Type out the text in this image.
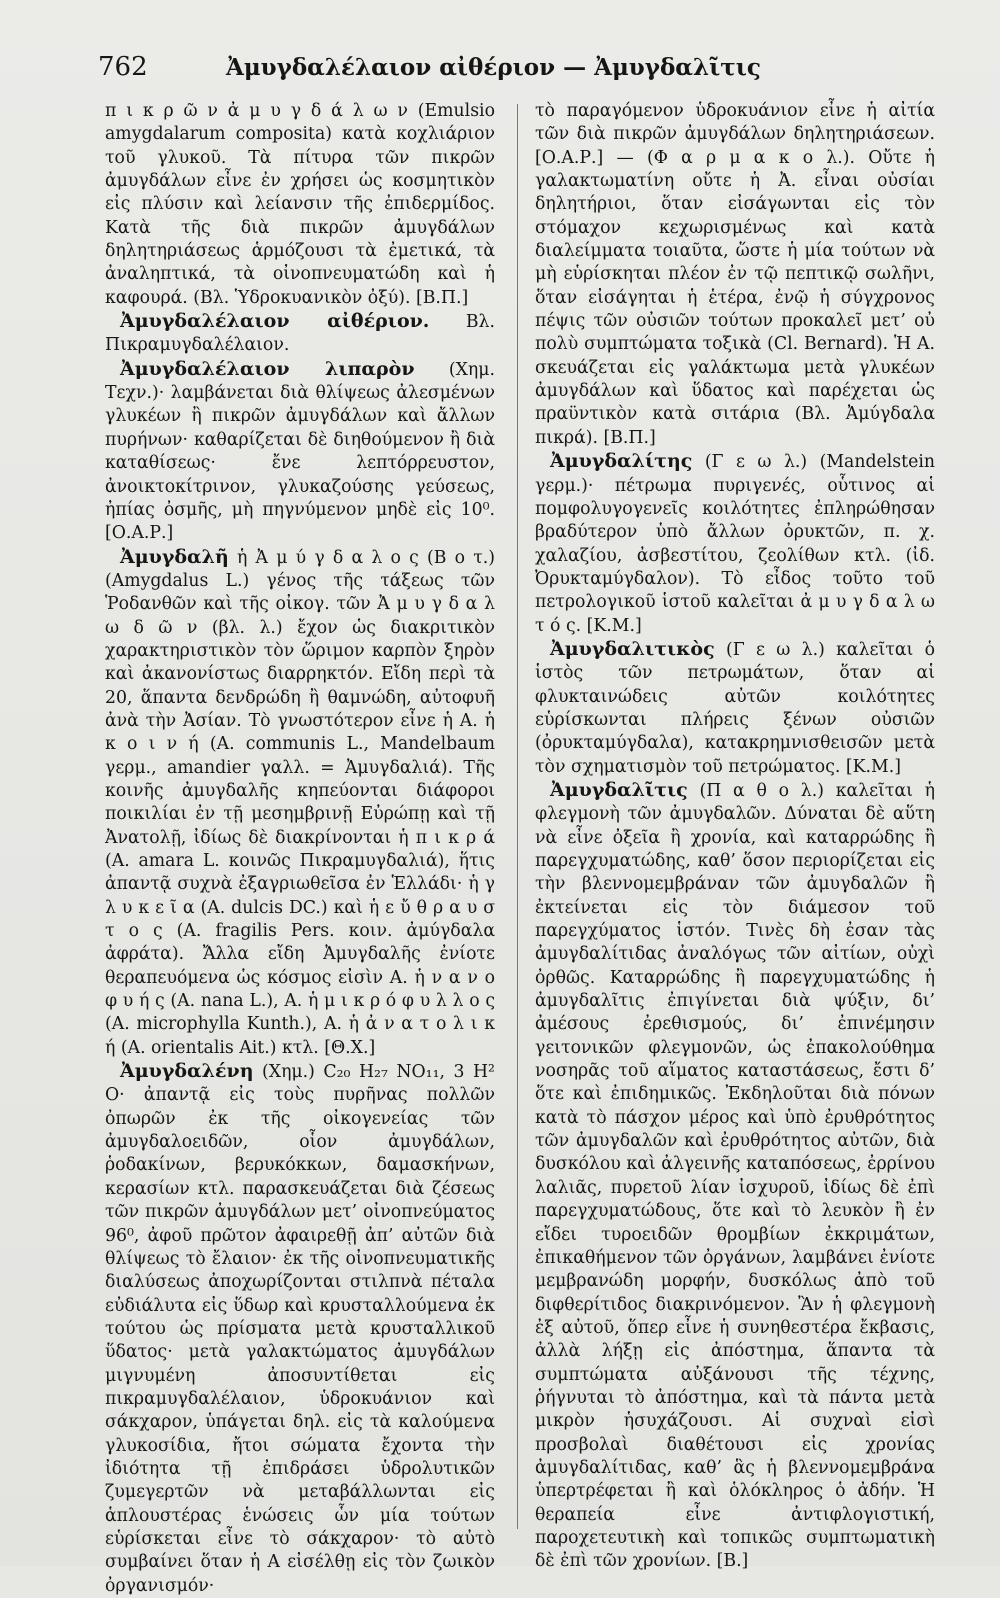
762	Ἀμυγδαλέλαιον αἰθέριον — Ἀμυγδαλῖτις

π ι κ ρ ῶ ν ἀ μ υ γ δ ά λ ω ν (Emulsio amygdalarum composita) κατὰ κοχλιάριον τοῦ γλυκοῦ. Τὰ πίτυρα τῶν πικρῶν ἀμυγδάλων εἶνε ἐν χρήσει ὡς κοσμητικὸν εἰς πλύσιν καὶ λείανσιν τῆς ἐπιδερμίδος. Κατὰ τῆς διὰ πικρῶν ἀμυγδάλων δηλητηριάσεως ἁρμόζουσι τὰ ἐμετικά, τὰ ἀναληπτικά, τὰ οἰνοπνευματώδη καὶ ἡ καφουρά. (Βλ. Ὑδροκυανικὸν ὀξύ). [Β.Π.]

Ἀμυγδαλέλαιον αἰθέριον. Βλ. Πικραμυγδαλέλαιον.

Ἀμυγδαλέλαιον λιπαρὸν (Χημ. Τεχν.)· λαμβάνεται διὰ θλίψεως ἀλεσμένων γλυκέων ἢ πικρῶν ἀμυγδάλων καὶ ἄλλων πυρήνων· καθαρίζεται δὲ διηθούμενον ἢ διὰ καταθίσεως· ἔνε λεπτόρρευστον, ἀνοικτοκίτρινον, γλυκαζούσης γεύσεως, ἠπίας ὀσμῆς, μὴ πηγνύμενον μηδὲ εἰς 10⁰. [Ο.Α.Ρ.]

Ἀμυγδαλῆ ἡ Ἀ μ ύ γ δ α λ ο ς (Β ο τ.) (Amygdalus L.) γένος τῆς τάξεως τῶν Ῥοδανθῶν καὶ τῆς οἰκογ. τῶν Ἀ μ υ γ δ α λ ω δ ῶ ν (βλ. λ.) ἔχον ὡς διακριτικὸν χαρακτηριστικὸν τὸν ὥριμον καρπὸν ξηρὸν καὶ ἀκανονίστως διαρρηκτόν. Εἴδη περὶ τὰ 20, ἅπαντα δενδρώδη ἢ θαμνώδη, αὐτοφυῆ ἀνὰ τὴν Ἀσίαν. Τὸ γνωστότερον εἶνε ἡ Α. ἡ κ ο ι ν ή (A. communis L., Mandelbaum γερμ., amandier γαλλ. = Ἀμυγδαλιά). Τῆς κοινῆς ἀμυγδαλῆς κηπεύονται διάφοροι ποικιλίαι ἐν τῇ μεσημβρινῇ Εὐρώπῃ καὶ τῇ Ἀνατολῇ, ἰδίως δὲ διακρίνονται ἡ π ι κ ρ ά (A. amara L. κοινῶς Πικραμυγδαλιά), ἥτις ἀπαντᾷ συχνὰ ἐξαγριωθεῖσα ἐν Ἑλλάδι· ἡ γ λ υ κ ε ῖ α (A. dulcis DC.) καὶ ἡ ε ὔ θ ρ α υ σ τ ο ς (A. fragilis Pers. κοιν. ἀμύγδαλα ἀφράτα). Ἄλλα εἴδη Ἀμυγδαλῆς ἐνίοτε θεραπευόμενα ὡς κόσμος εἰσὶν Α. ἡ ν α ν ο φ υ ή ς (A. nana L.), Α. ἡ μ ι κ ρ ό φ υ λ λ ο ς (A. microphylla Kunth.), Α. ἡ ἀ ν α τ ο λ ι κ ή (A. orientalis Ait.) κτλ. [Θ.Χ.]

Ἀμυγδαλένη (Χημ.) C₂₀ H₂₇ NO₁₁, 3 H² O· ἀπαντᾷ εἰς τοὺς πυρῆνας πολλῶν ὀπωρῶν ἐκ τῆς οἰκογενείας τῶν ἀμυγδαλοειδῶν, οἷον ἀμυγδάλων, ῥοδακίνων, βερυκόκκων, δαμασκήνων, κερασίων κτλ. παρασκευάζεται διὰ ζέσεως τῶν πικρῶν ἀμυγδάλων μετ’ οἰνοπνεύματος 96⁰, ἀφοῦ πρῶτον ἀφαιρεθῇ ἀπ’ αὐτῶν διὰ θλίψεως τὸ ἔλαιον· ἐκ τῆς οἰνοπνευματικῆς διαλύσεως ἀποχωρίζονται στιλπνὰ πέταλα εὐδιάλυτα εἰς ὕδωρ καὶ κρυσταλλούμενα ἐκ τούτου ὡς πρίσματα μετὰ κρυσταλλικοῦ ὕδατος· μετὰ γαλακτώματος ἀμυγδάλων μιγνυμένη ἀποσυντίθεται εἰς πικραμυγδαλέλαιον, ὑδροκυάνιον καὶ σάκχαρον, ὑπάγεται δηλ. εἰς τὰ καλούμενα γλυκοσίδια, ἤτοι σώματα ἔχοντα τὴν ἰδιότητα τῇ ἐπιδράσει ὑδρολυτικῶν ζυμεγερτῶν νὰ μεταβάλλωνται εἰς ἁπλουστέρας ἑνώσεις ὧν μία τούτων εὑρίσκεται εἶνε τὸ σάκχαρον· τὸ αὐτὸ συμβαίνει ὅταν ἡ Α εἰσέλθῃ εἰς τὸν ζωικὸν ὀργανισμόν·

τὸ παραγόμενον ὑδροκυάνιον εἶνε ἡ αἰτία τῶν διὰ πικρῶν ἀμυγδάλων δηλητηριάσεων. [Ο.Α.Ρ.] — (Φ α ρ μ α κ ο λ.). Οὔτε ἡ γαλακτωματίνη οὔτε ἡ Ἀ. εἶναι οὐσίαι δηλητήριοι, ὅταν εἰσάγωνται εἰς τὸν στόμαχον κεχωρισμένως καὶ κατὰ διαλείμματα τοιαῦτα, ὥστε ἡ μία τούτων νὰ μὴ εὑρίσκηται πλέον ἐν τῷ πεπτικῷ σωλῆνι, ὅταν εἰσάγηται ἡ ἑτέρα, ἐνῷ ἡ σύγχρονος πέψις τῶν οὐσιῶν τούτων προκαλεῖ μετ’ οὐ πολὺ συμπτώματα τοξικὰ (Cl. Bernard). Ἡ Α. σκευάζεται εἰς γαλάκτωμα μετὰ γλυκέων ἀμυγδάλων καὶ ὕδατος καὶ παρέχεται ὡς πραϋντικὸν κατὰ σιτάρια (Βλ. Ἀμύγδαλα πικρά). [Β.Π.]

Ἀμυγδαλίτης (Γ ε ω λ.) (Mandelstein γερμ.)· πέτρωμα πυριγενές, οὗτινος αἱ πομφολυγογενεῖς κοιλότητες ἐπληρώθησαν βραδύτερον ὑπὸ ἄλλων ὀρυκτῶν, π. χ. χαλαζίου, ἀσβεστίτου, ζεολίθων κτλ. (ἰδ. Ὀρυκταμύγδαλον). Τὸ εἶδος τοῦτο τοῦ πετρολογικοῦ ἱστοῦ καλεῖται ἀ μ υ γ δ α λ ω τ ό ς. [Κ.Μ.]

Ἀμυγδαλιτικὸς (Γ ε ω λ.) καλεῖται ὁ ἱστὸς τῶν πετρωμάτων, ὅταν αἱ φλυκταινώδεις αὐτῶν κοιλότητες εὑρίσκωνται πλήρεις ξένων οὐσιῶν (ὀρυκταμύγδαλα), κατακρημνισθεισῶν μετὰ τὸν σχηματισμὸν τοῦ πετρώματος. [Κ.Μ.]

Ἀμυγδαλῖτις (Π α θ ο λ.) καλεῖται ἡ φλεγμονὴ τῶν ἀμυγδαλῶν. Δύναται δὲ αὕτη νὰ εἶνε ὀξεῖα ἢ χρονία, καὶ καταρρώδης ἢ παρεγχυματώδης, καθ’ ὅσον περιορίζεται εἰς τὴν βλεννομεμβράναν τῶν ἀμυγδαλῶν ἢ ἐκτείνεται εἰς τὸν διάμεσον τοῦ παρεγχύματος ἱστόν. Τινὲς δὴ ἐσαν τὰς ἀμυγδαλίτιδας ἀναλόγως τῶν αἰτίων, οὐχὶ ὀρθῶς. Καταρρώδης ἢ παρεγχυματώδης ἡ ἀμυγδαλῖτις ἐπιγίνεται διὰ ψύξιν, δι’ ἀμέσους ἐρεθισμούς, δι’ ἐπινέμησιν γειτονικῶν φλεγμονῶν, ὡς ἐπακολούθημα νοσηρᾶς τοῦ αἵματος καταστάσεως, ἔστι δ’ ὅτε καὶ ἐπιδημικῶς. Ἐκδηλοῦται διὰ πόνων κατὰ τὸ πάσχον μέρος καὶ ὑπὸ ἐρυθρότητος τῶν ἀμυγδαλῶν καὶ ἐρυθρότητος αὐτῶν, διὰ δυσκόλου καὶ ἀλγεινῆς καταπόσεως, ἐρρίνου λαλιᾶς, πυρετοῦ λίαν ἰσχυροῦ, ἰδίως δὲ ἐπὶ παρεγχυματώδους, ὅτε καὶ τὸ λευκὸν ἢ ἐν εἴδει τυροειδῶν θρομβίων ἐκκριμάτων, ἐπικαθήμενον τῶν ὀργάνων, λαμβάνει ἐνίοτε μεμβρανώδη μορφήν, δυσκόλως ἀπὸ τοῦ διφθερίτιδος διακρινόμενον. Ἂν ἡ φλεγμονὴ ἐξ αὐτοῦ, ὅπερ εἶνε ἡ συνηθεστέρα ἔκβασις, ἀλλὰ λήξῃ εἰς ἀπόστημα, ἅπαντα τὰ συμπτώματα αὐξάνουσι τῆς τέχνης, ῥήγνυται τὸ ἀπόστημα, καὶ τὰ πάντα μετὰ μικρὸν ἡσυχάζουσι. Αἱ συχναὶ εἰσὶ προσβολαὶ διαθέτουσι εἰς χρονίας ἀμυγδαλίτιδας, καθ’ ἃς ἡ βλεννομεμβράνα ὑπερτρέφεται ἢ καὶ ὁλόκληρος ὁ ἀδήν. Ἡ θεραπεία εἶνε ἀντιφλογιστική, παροχετευτικὴ καὶ τοπικῶς συμπτωματικὴ δὲ ἐπὶ τῶν χρονίων. [Β.]
